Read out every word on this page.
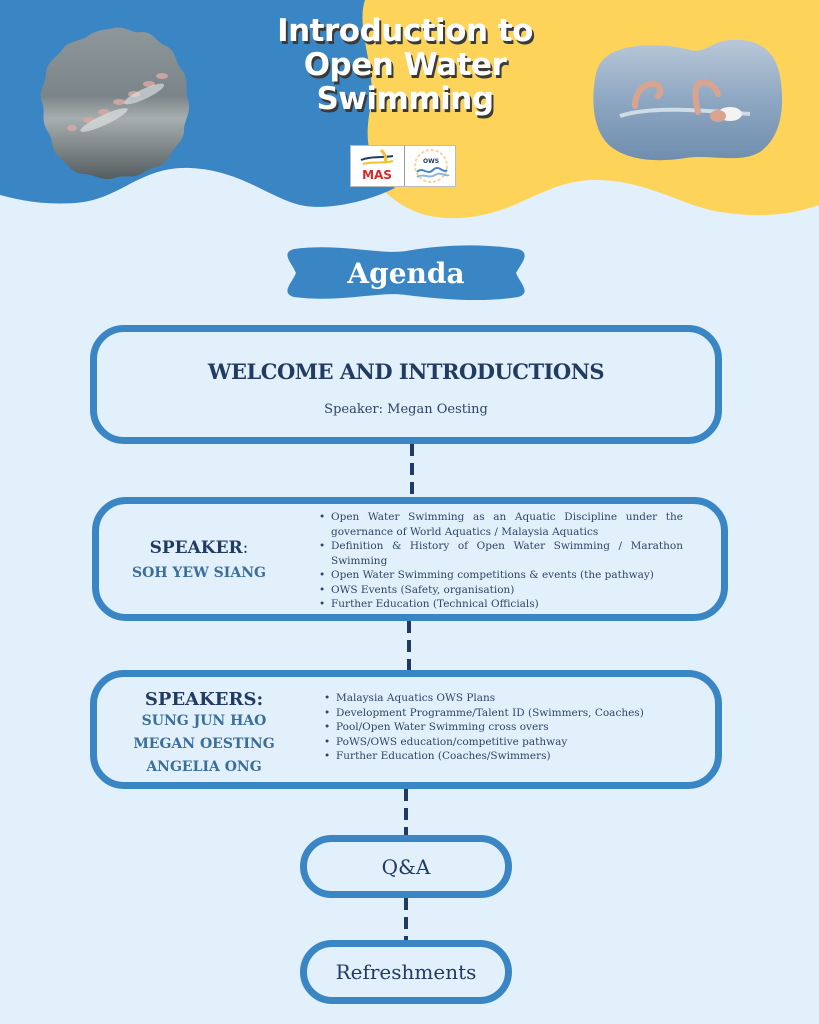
Introduction to
Open Water
Swimming
MAS
OWS
Agenda
WELCOME AND INTRODUCTIONS
Speaker: Megan Oesting
SPEAKER:
SOH YEW SIANG
• Open Water Swimming as an Aquatic Discipline under the governance of World Aquatics / Malaysia Aquatics
• Definition & History of Open Water Swimming / Marathon Swimming
• Open Water Swimming competitions & events (the pathway)
• OWS Events (Safety, organisation)
• Further Education (Technical Officials)
SPEAKERS:
SUNG JUN HAO
MEGAN OESTING
ANGELIA ONG
• Malaysia Aquatics OWS Plans
• Development Programme/Talent ID (Swimmers, Coaches)
• Pool/Open Water Swimming cross overs
• PoWS/OWS education/competitive pathway
• Further Education (Coaches/Swimmers)
Q&A
Refreshments
